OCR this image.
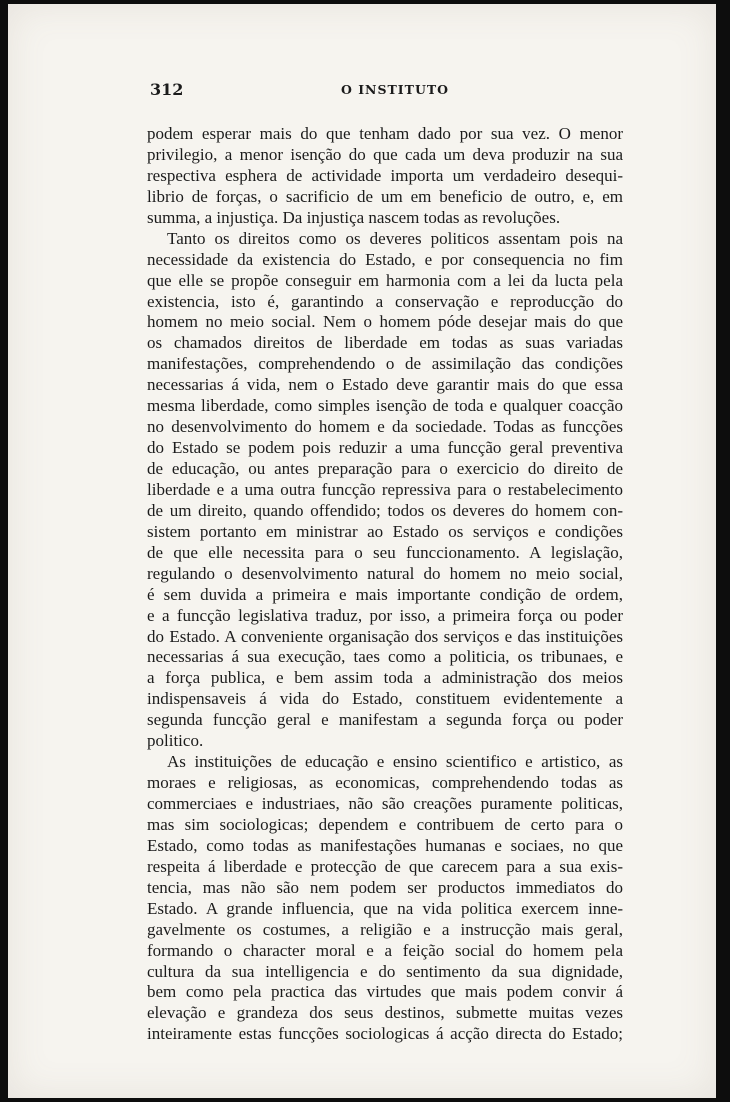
312	O INSTITUTO
podem esperar mais do que tenham dado por sua vez. O menor
privilegio, a menor isenção do que cada um deva produzir na sua
respectiva esphera de actividade importa um verdadeiro desequi-
librio de forças, o sacrificio de um em beneficio de outro, e, em
summa, a injustiça. Da injustiça nascem todas as revoluções.
Tanto os direitos como os deveres politicos assentam pois na
necessidade da existencia do Estado, e por consequencia no fim
que elle se propõe conseguir em harmonia com a lei da lucta pela
existencia, isto é, garantindo a conservação e reproducção do
homem no meio social. Nem o homem póde desejar mais do que
os chamados direitos de liberdade em todas as suas variadas
manifestações, comprehendendo o de assimilação das condições
necessarias á vida, nem o Estado deve garantir mais do que essa
mesma liberdade, como simples isenção de toda e qualquer coacção
no desenvolvimento do homem e da sociedade. Todas as funcções
do Estado se podem pois reduzir a uma funcção geral preventiva
de educação, ou antes preparação para o exercicio do direito de
liberdade e a uma outra funcção repressiva para o restabelecimento
de um direito, quando offendido; todos os deveres do homem con-
sistem portanto em ministrar ao Estado os serviços e condições
de que elle necessita para o seu funccionamento. A legislação,
regulando o desenvolvimento natural do homem no meio social,
é sem duvida a primeira e mais importante condição de ordem,
e a funcção legislativa traduz, por isso, a primeira força ou poder
do Estado. A conveniente organisação dos serviços e das instituições
necessarias á sua execução, taes como a politicia, os tribunaes, e
a força publica, e bem assim toda a administração dos meios
indispensaveis á vida do Estado, constituem evidentemente a
segunda funcção geral e manifestam a segunda força ou poder
politico.
As instituições de educação e ensino scientifico e artistico, as
moraes e religiosas, as economicas, comprehendendo todas as
commerciaes e industriaes, não são creações puramente politicas,
mas sim sociologicas; dependem e contribuem de certo para o
Estado, como todas as manifestações humanas e sociaes, no que
respeita á liberdade e protecção de que carecem para a sua exis-
tencia, mas não são nem podem ser productos immediatos do
Estado. A grande influencia, que na vida politica exercem inne-
gavelmente os costumes, a religião e a instrucção mais geral,
formando o character moral e a feição social do homem pela
cultura da sua intelligencia e do sentimento da sua dignidade,
bem como pela practica das virtudes que mais podem convir á
elevação e grandeza dos seus destinos, submette muitas vezes
inteiramente estas funcções sociologicas á acção directa do Estado;
